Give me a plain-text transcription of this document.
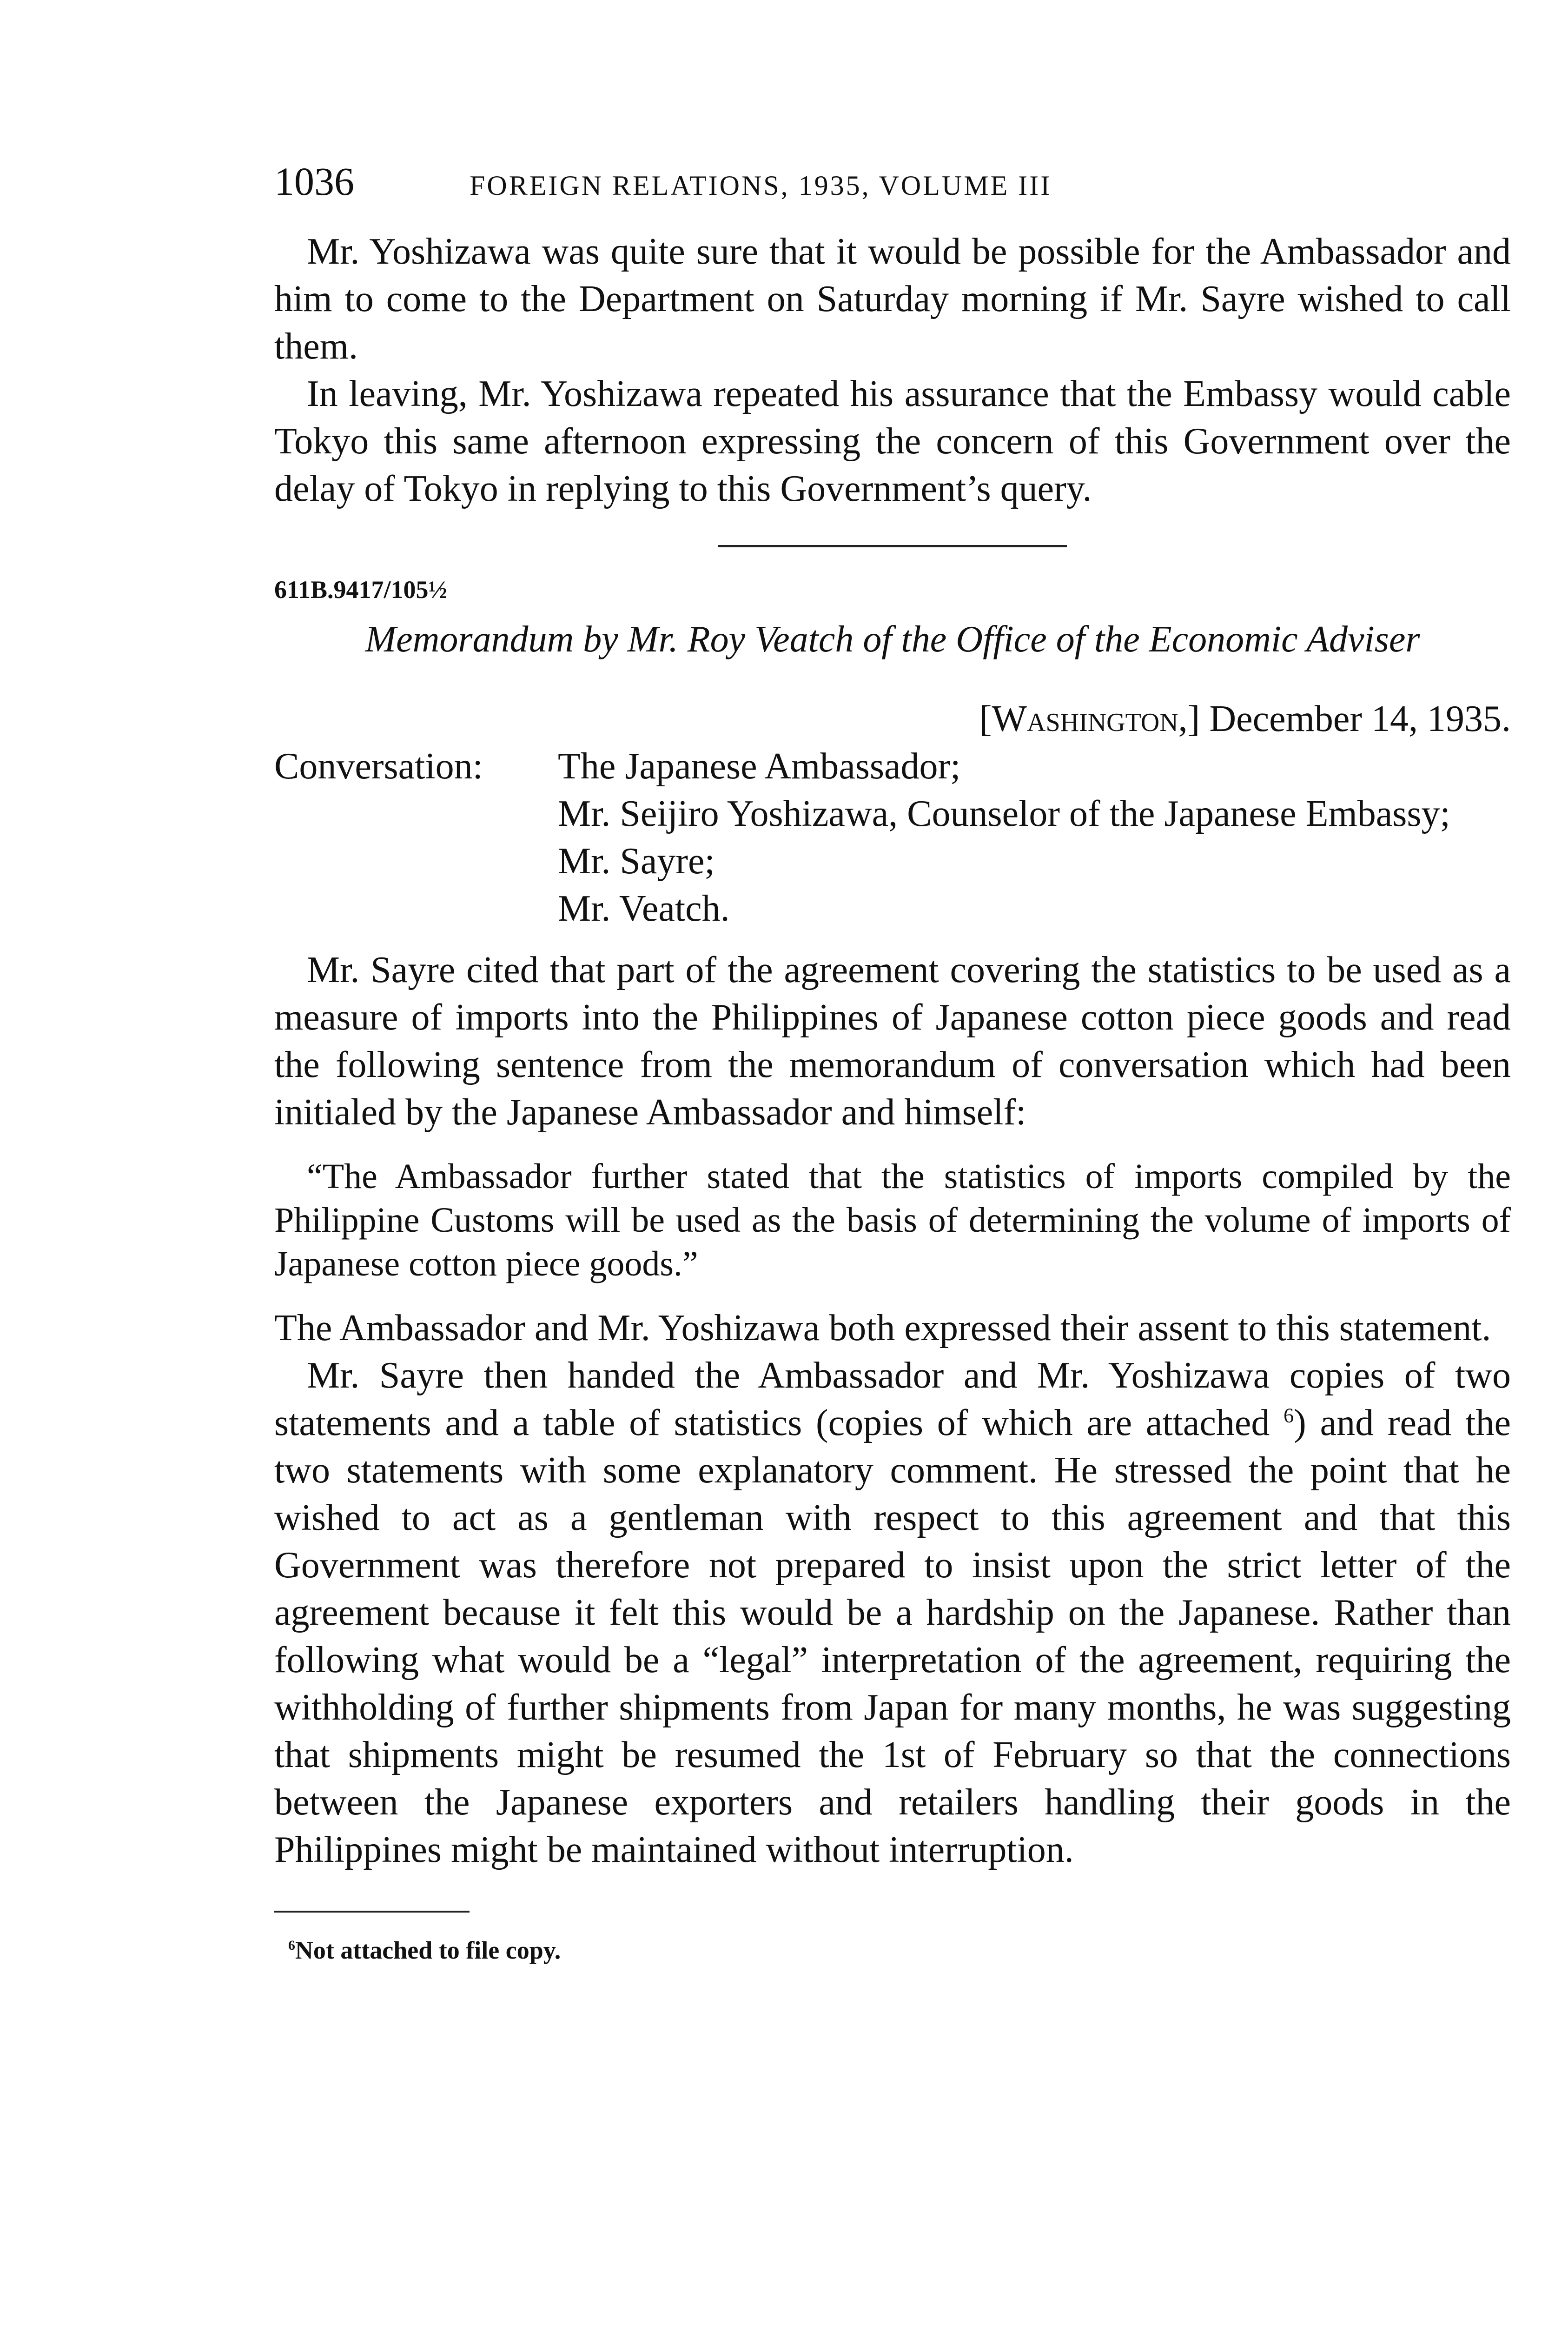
1036	FOREIGN RELATIONS, 1935, VOLUME III

Mr. Yoshizawa was quite sure that it would be possible for the Ambassador and him to come to the Department on Saturday morning if Mr. Sayre wished to call them.

In leaving, Mr. Yoshizawa repeated his assurance that the Embassy would cable Tokyo this same afternoon expressing the concern of this Government over the delay of Tokyo in replying to this Government’s query.

611B.9417/105½

Memorandum by Mr. Roy Veatch of the Office of the Economic Adviser

[Washington,] December 14, 1935.

Conversation:	The Japanese Ambassador;
Mr. Seijiro Yoshizawa, Counselor of the Japanese Embassy;
Mr. Sayre;
Mr. Veatch.

Mr. Sayre cited that part of the agreement covering the statistics to be used as a measure of imports into the Philippines of Japanese cotton piece goods and read the following sentence from the memorandum of conversation which had been initialed by the Japanese Ambassador and himself:

“The Ambassador further stated that the statistics of imports compiled by the Philippine Customs will be used as the basis of determining the volume of imports of Japanese cotton piece goods.”

The Ambassador and Mr. Yoshizawa both expressed their assent to this statement.

Mr. Sayre then handed the Ambassador and Mr. Yoshizawa copies of two statements and a table of statistics (copies of which are attached $^6$) and read the two statements with some explanatory comment. He stressed the point that he wished to act as a gentleman with respect to this agreement and that this Government was therefore not prepared to insist upon the strict letter of the agreement because it felt this would be a hardship on the Japanese. Rather than following what would be a “legal” interpretation of the agreement, requiring the withholding of further shipments from Japan for many months, he was suggesting that shipments might be resumed the 1st of February so that the connections between the Japanese exporters and retailers handling their goods in the Philippines might be maintained without interruption.

$^6$Not attached to file copy.
